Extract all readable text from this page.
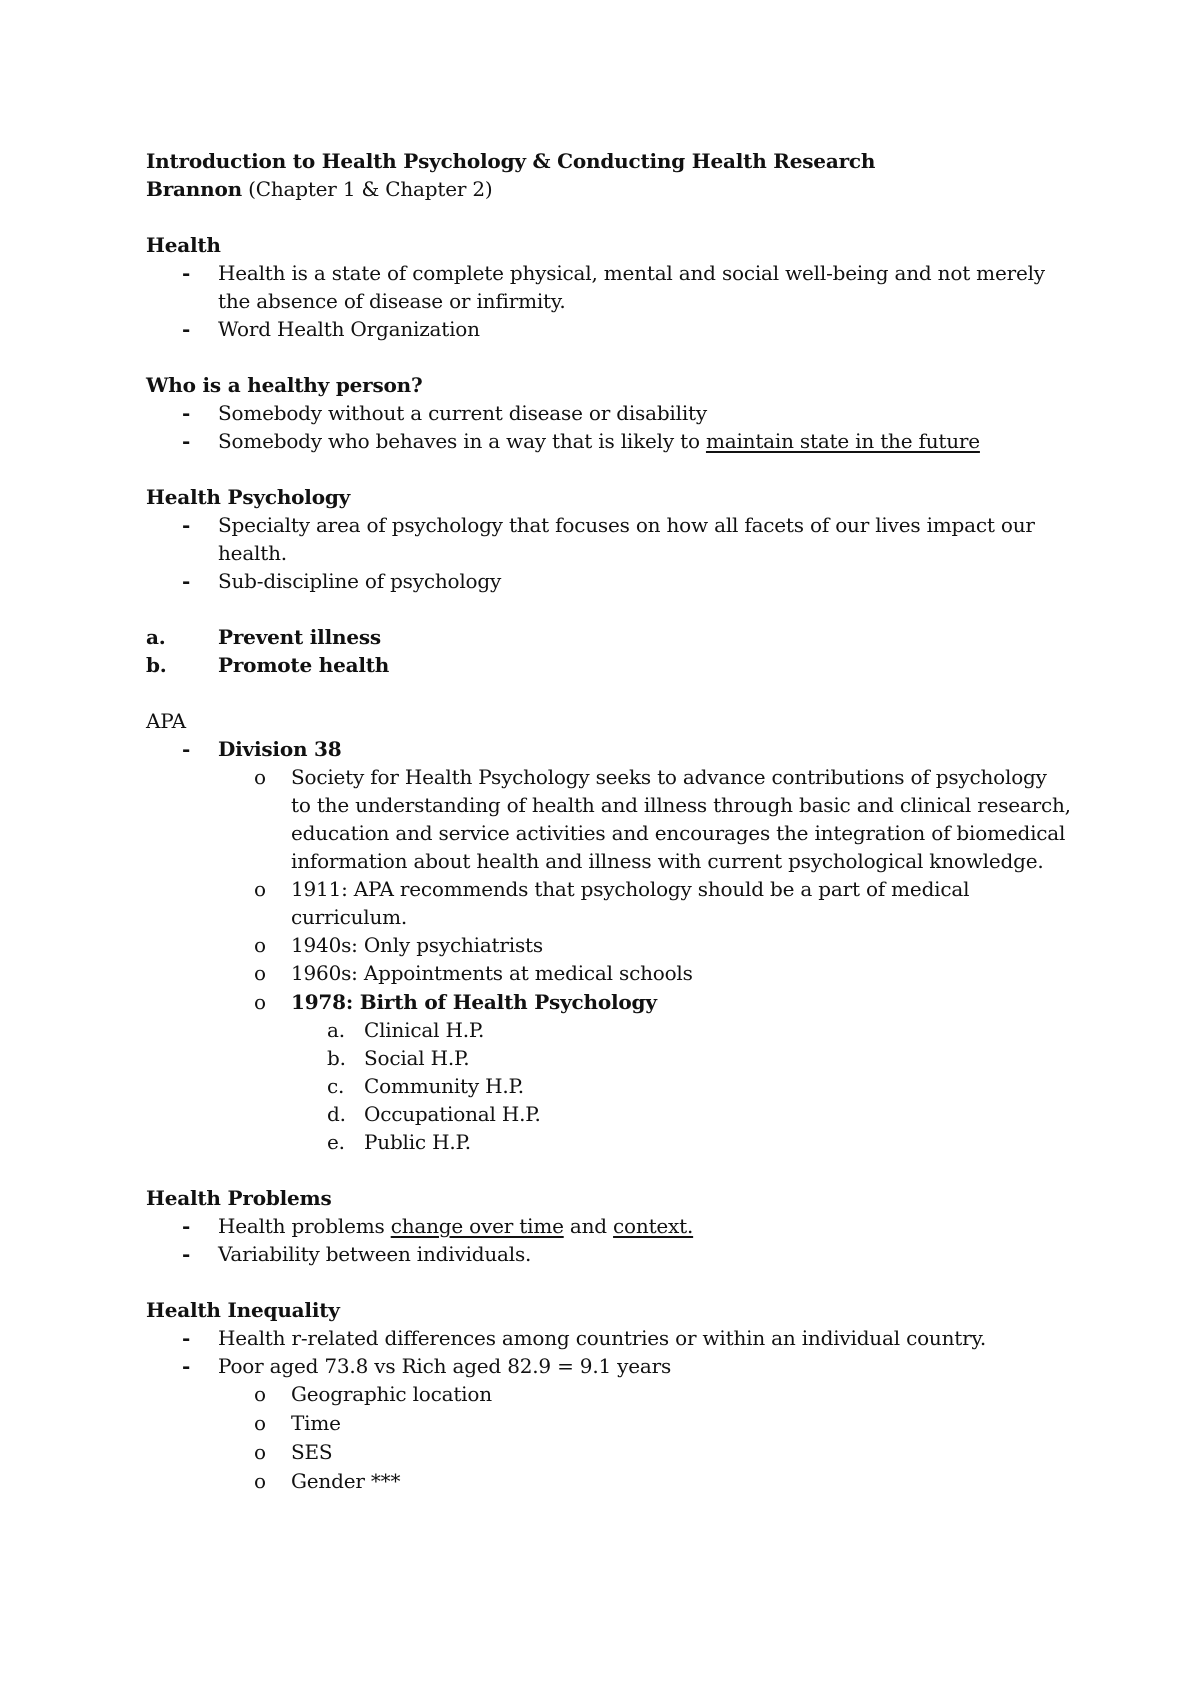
Introduction to Health Psychology & Conducting Health Research
Brannon (Chapter 1 & Chapter 2)
Health
-	Health is a state of complete physical, mental and social well-being and not merely
the absence of disease or infirmity.
-	Word Health Organization
Who is a healthy person?
-	Somebody without a current disease or disability
-	Somebody who behaves in a way that is likely to maintain state in the future
Health Psychology
-	Specialty area of psychology that focuses on how all facets of our lives impact our
health.
-	Sub-discipline of psychology
a.	Prevent illness
b.	Promote health
APA
-	Division 38
o	Society for Health Psychology seeks to advance contributions of psychology
to the understanding of health and illness through basic and clinical research,
education and service activities and encourages the integration of biomedical
information about health and illness with current psychological knowledge.
o	1911: APA recommends that psychology should be a part of medical
curriculum.
o	1940s: Only psychiatrists
o	1960s: Appointments at medical schools
o	1978: Birth of Health Psychology
a. Clinical H.P.
b. Social H.P.
c. Community H.P.
d. Occupational H.P.
e. Public H.P.
Health Problems
-	Health problems change over time and context.
-	Variability between individuals.
Health Inequality
-	Health r-related differences among countries or within an individual country.
-	Poor aged 73.8 vs Rich aged 82.9 = 9.1 years
o	Geographic location
o	Time
o	SES
o	Gender ***
